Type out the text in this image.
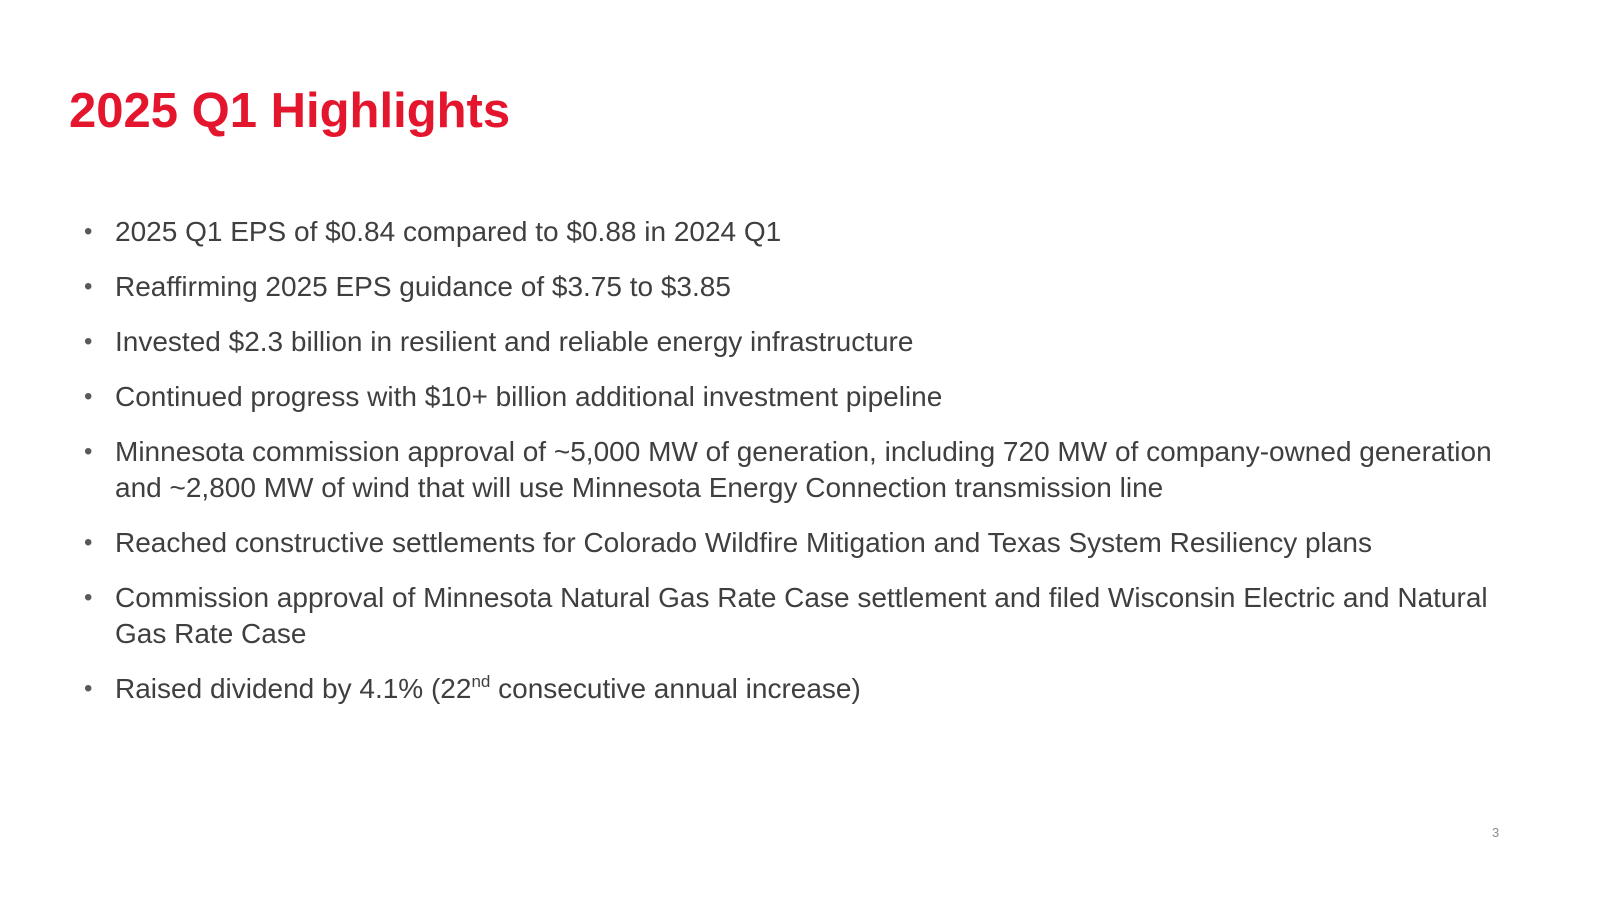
2025 Q1 Highlights
• 2025 Q1 EPS of $0.84 compared to $0.88 in 2024 Q1
• Reaffirming 2025 EPS guidance of $3.75 to $3.85
• Invested $2.3 billion in resilient and reliable energy infrastructure
• Continued progress with $10+ billion additional investment pipeline
• Minnesota commission approval of ~5,000 MW of generation, including 720 MW of company-owned generation and ~2,800 MW of wind that will use Minnesota Energy Connection transmission line
• Reached constructive settlements for Colorado Wildfire Mitigation and Texas System Resiliency plans
• Commission approval of Minnesota Natural Gas Rate Case settlement and filed Wisconsin Electric and Natural Gas Rate Case
• Raised dividend by 4.1% (22nd consecutive annual increase)
3
